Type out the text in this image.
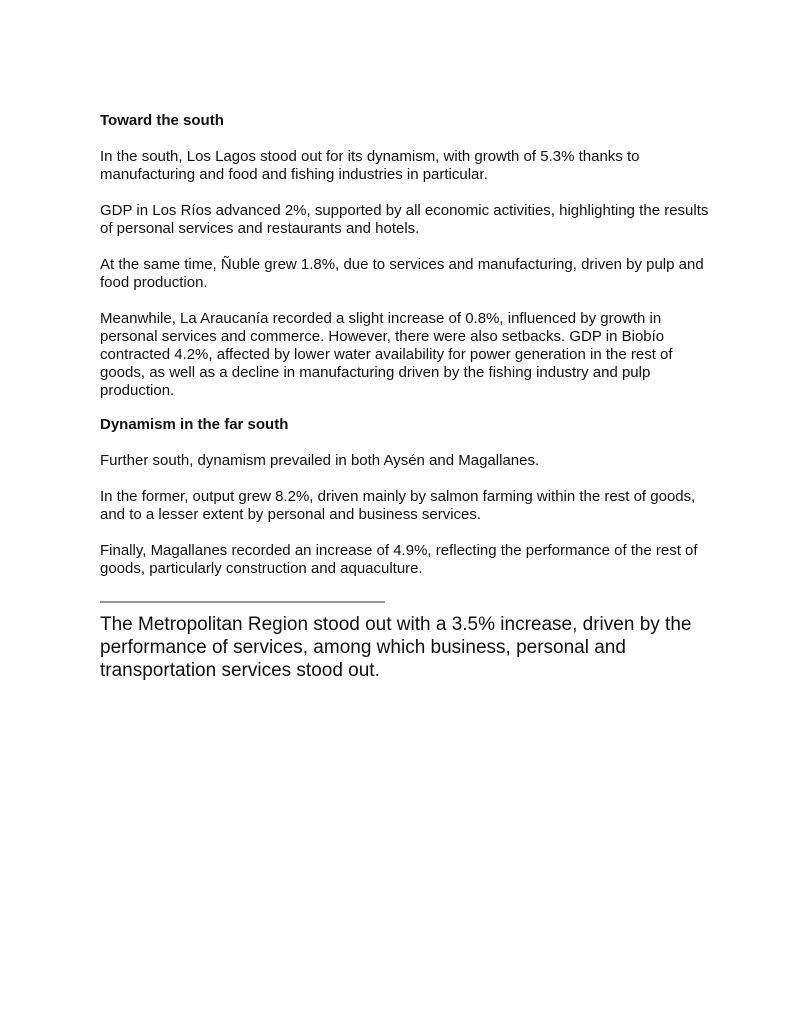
Toward the south

In the south, Los Lagos stood out for its dynamism, with growth of 5.3% thanks to manufacturing and food and fishing industries in particular.

GDP in Los Ríos advanced 2%, supported by all economic activities, highlighting the results of personal services and restaurants and hotels.

At the same time, Ñuble grew 1.8%, due to services and manufacturing, driven by pulp and food production.

Meanwhile, La Araucanía recorded a slight increase of 0.8%, influenced by growth in personal services and commerce. However, there were also setbacks. GDP in Biobío contracted 4.2%, affected by lower water availability for power generation in the rest of goods, as well as a decline in manufacturing driven by the fishing industry and pulp production.

Dynamism in the far south

Further south, dynamism prevailed in both Aysén and Magallanes.

In the former, output grew 8.2%, driven mainly by salmon farming within the rest of goods, and to a lesser extent by personal and business services.

Finally, Magallanes recorded an increase of 4.9%, reflecting the performance of the rest of goods, particularly construction and aquaculture.

———————————————————

The Metropolitan Region stood out with a 3.5% increase, driven by the performance of services, among which business, personal and transportation services stood out.
